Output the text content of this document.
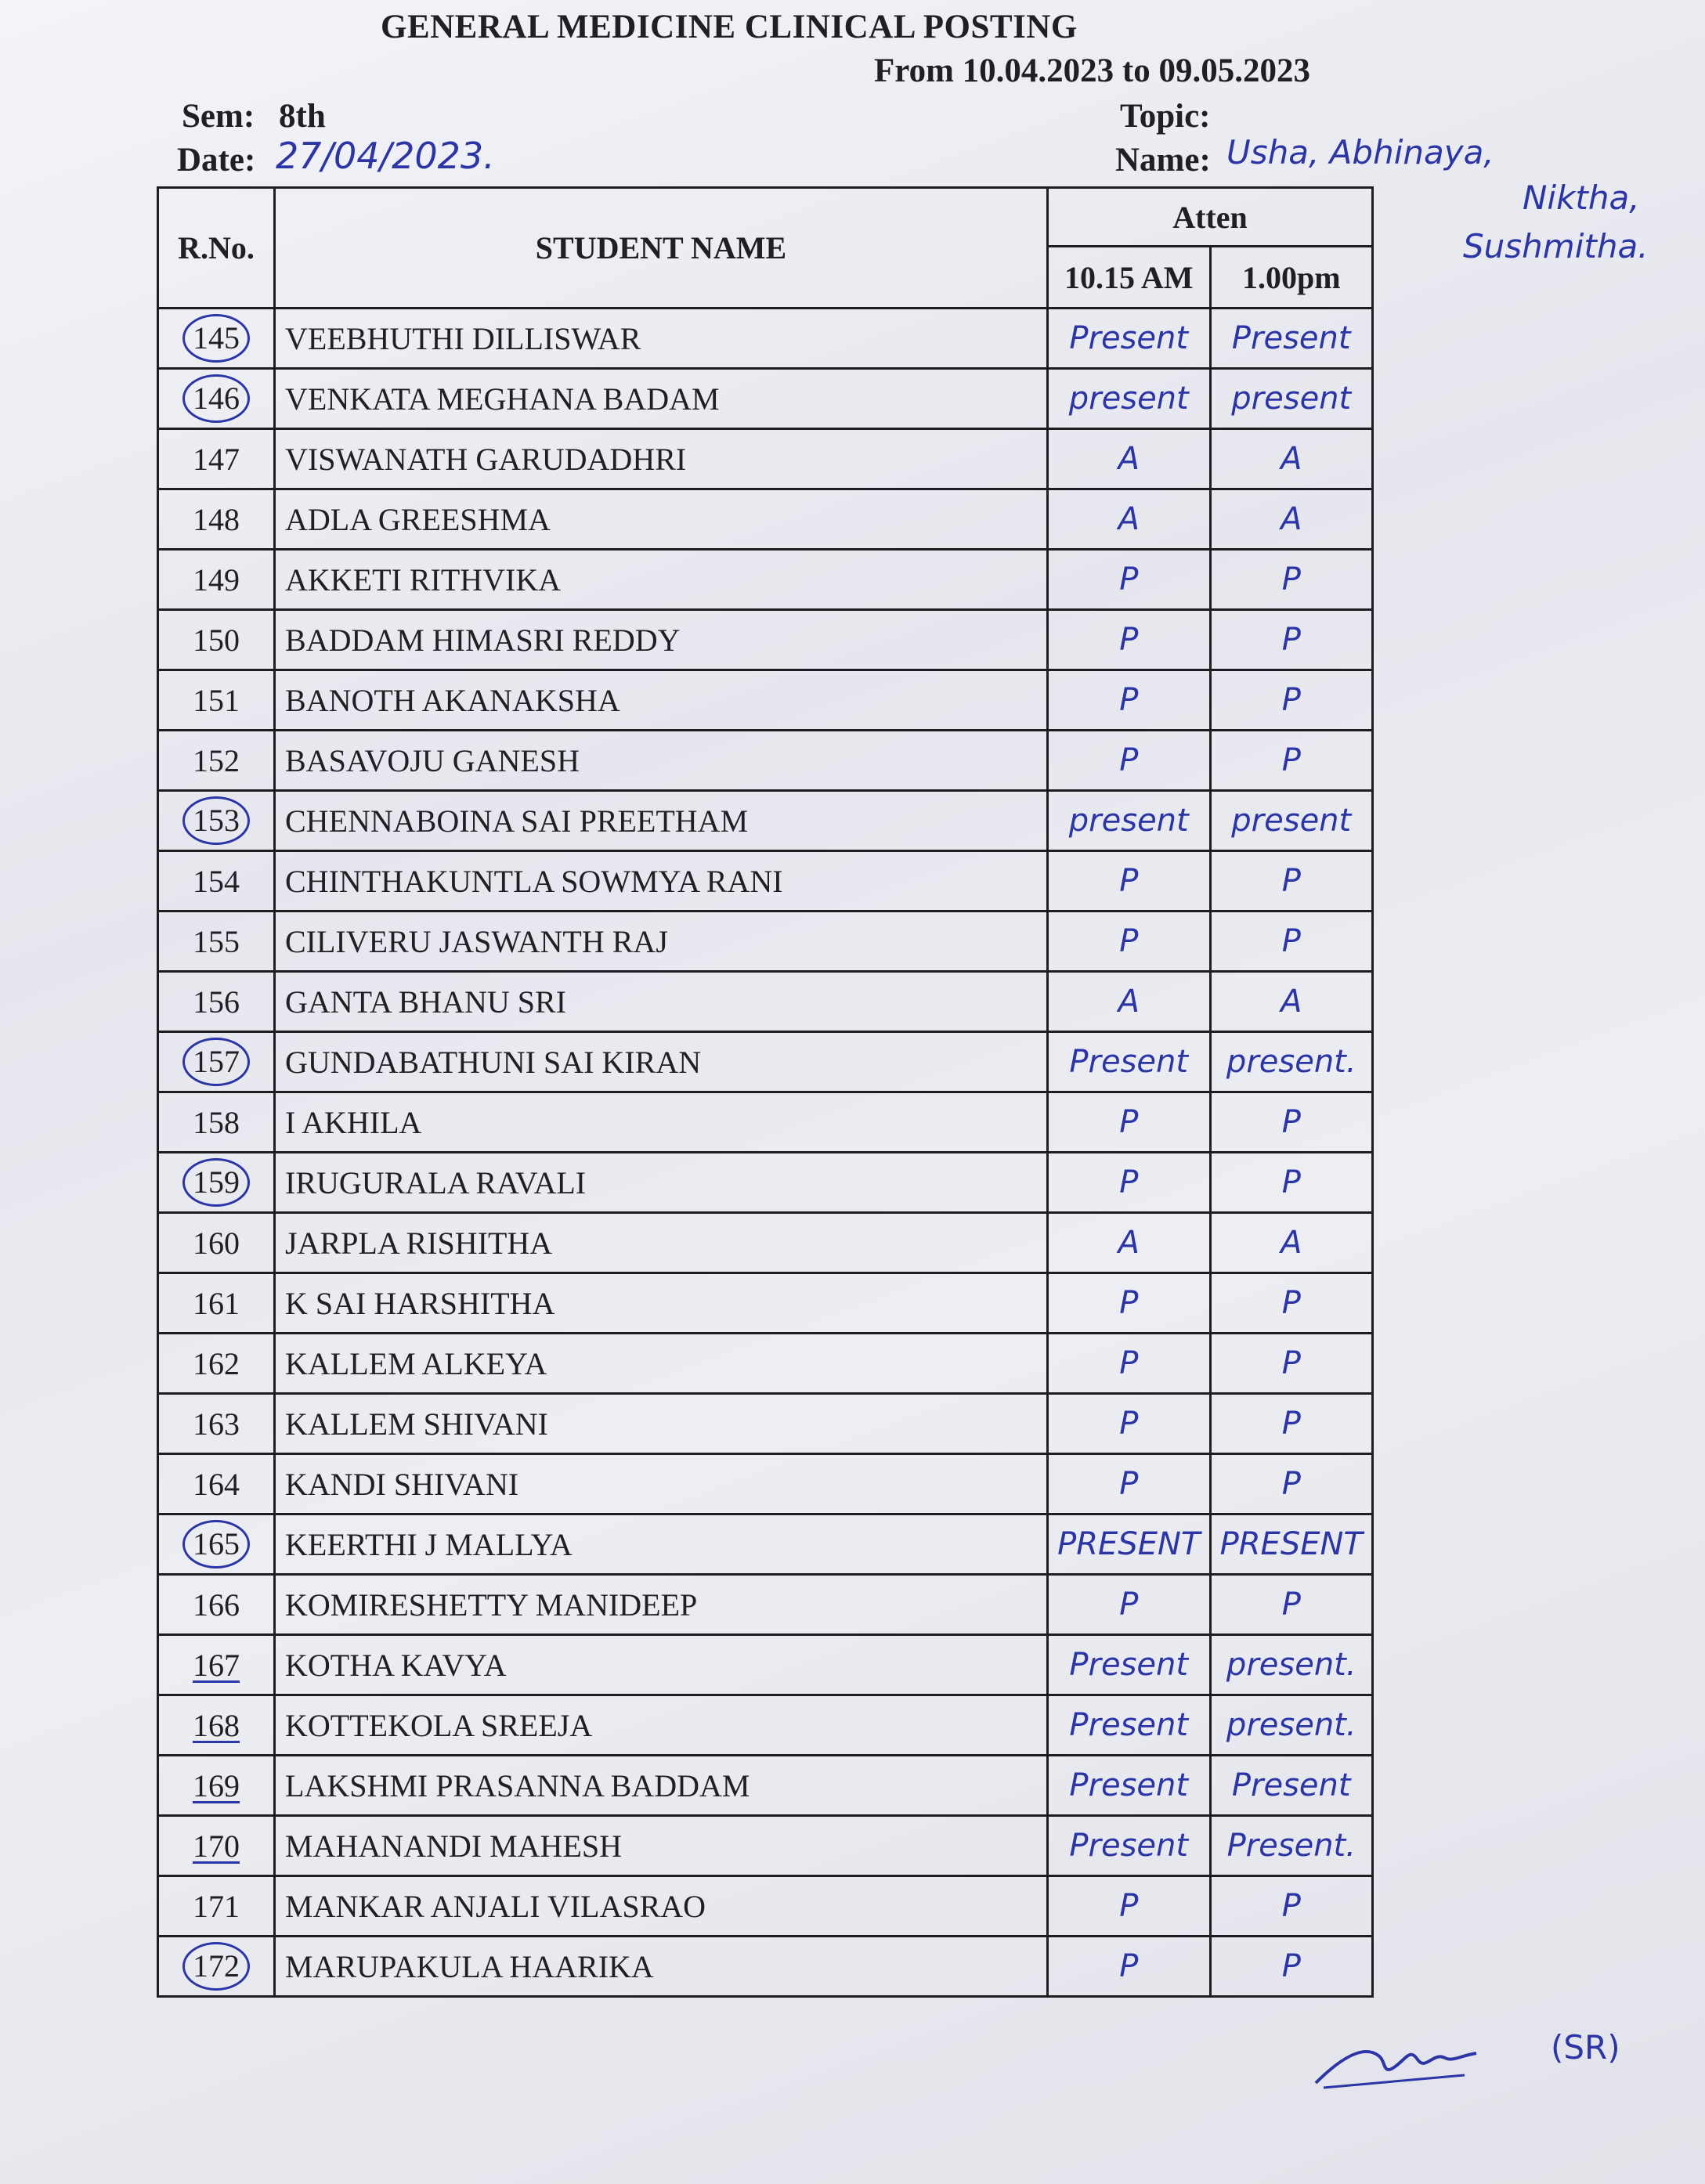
GENERAL MEDICINE CLINICAL POSTING
From 10.04.2023 to 09.05.2023
Sem: 8th
Date: 27/04/2023.
Topic:
Name: Usha, Abhinaya,
Niktha,
Sushmitha.
R.No.	STUDENT NAME	Atten	
		10.15 AM	1.00pm
145	VEEBHUTHI DILLISWAR	Present	Present
146	VENKATA MEGHANA BADAM	present	present
147	VISWANATH GARUDADHRI	A	A
148	ADLA GREESHMA	A	A
149	AKKETI RITHVIKA	P	P
150	BADDAM HIMASRI REDDY	P	P
151	BANOTH AKANAKSHA	P	P
152	BASAVOJU GANESH	P	P
153	CHENNABOINA SAI PREETHAM	present	present
154	CHINTHAKUNTLA SOWMYA RANI	P	P
155	CILIVERU JASWANTH RAJ	P	P
156	GANTA BHANU SRI	A	A
157	GUNDABATHUNI SAI KIRAN	Present	present.
158	I AKHILA	P	P
159	IRUGURALA RAVALI	P	P
160	JARPLA RISHITHA	A	A
161	K SAI HARSHITHA	P	P
162	KALLEM ALKEYA	P	P
163	KALLEM SHIVANI	P	P
164	KANDI SHIVANI	P	P
165	KEERTHI J MALLYA	PRESENT	PRESENT
166	KOMIRESHETTY MANIDEEP	P	P
167	KOTHA KAVYA	Present	present.
168	KOTTEKOLA SREEJA	Present	present.
169	LAKSHMI PRASANNA BADDAM	Present	Present
170	MAHANANDI MAHESH	Present	Present.
171	MANKAR ANJALI VILASRAO	P	P
172	MARUPAKULA HAARIKA	P	P
(SR)
